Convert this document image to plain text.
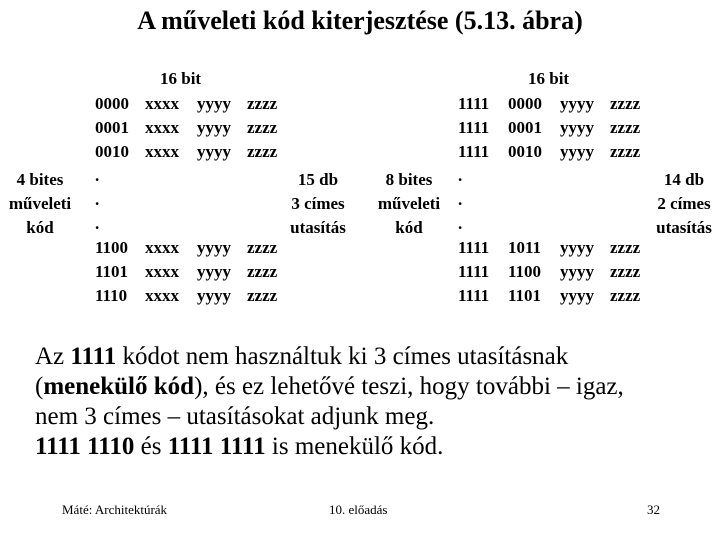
A műveleti kód kiterjesztése (5.13. ábra)
16 bit
4 bites
műveleti
kód
0000 xxxx yyyy zzzz
0001 xxxx yyyy zzzz
0010 xxxx yyyy zzzz
.
.
.
1100 xxxx yyyy zzzz
1101 xxxx yyyy zzzz
1110 xxxx yyyy zzzz
15 db
3 címes
utasítás
16 bit
8 bites
műveleti
kód
1111 0000 yyyy zzzz
1111 0001 yyyy zzzz
1111 0010 yyyy zzzz
.
.
.
1111 1011 yyyy zzzz
1111 1100 yyyy zzzz
1111 1101 yyyy zzzz
14 db
2 címes
utasítás
Az 1111 kódot nem használtuk ki 3 címes utasításnak
(menekülő kód), és ez lehetővé teszi, hogy további – igaz,
nem 3 címes – utasításokat adjunk meg.
1111 1110 és 1111 1111 is menekülő kód.
Máté: Architektúrák	10. előadás	32
